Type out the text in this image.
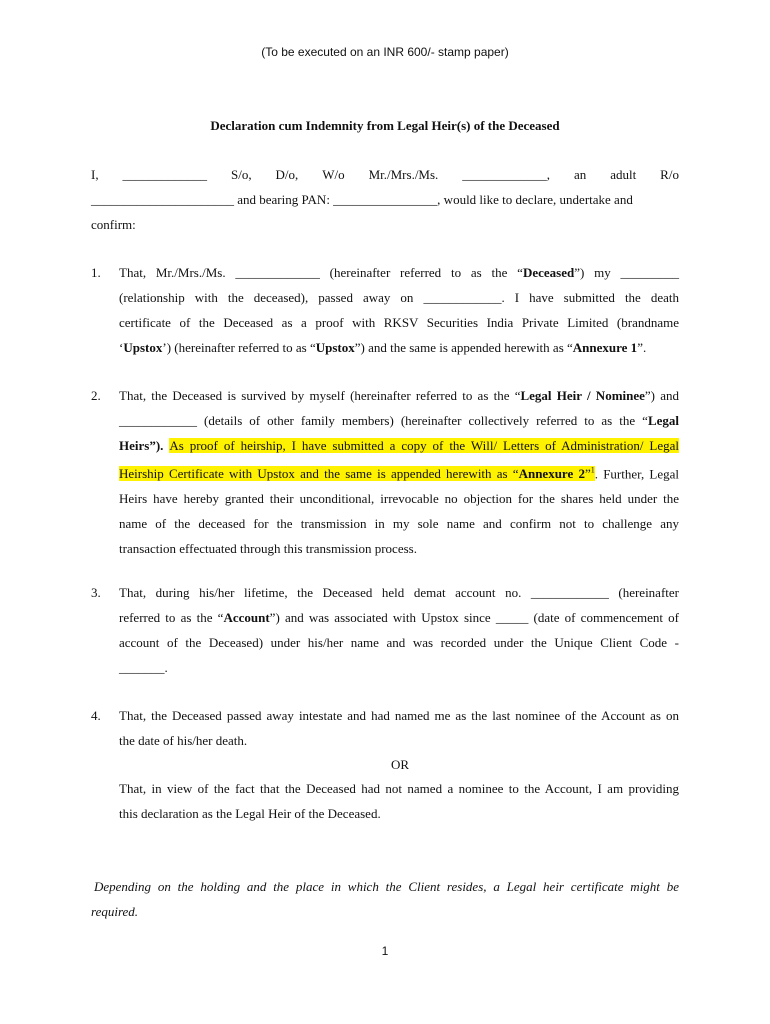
(To be executed on an INR 600/- stamp paper)
Declaration cum Indemnity from Legal Heir(s) of the Deceased
I, _____________ S/o, D/o, W/o Mr./Mrs./Ms. _____________, an adult R/o
______________________ and bearing PAN: ________________, would like to declare, undertake and
confirm:
1. That, Mr./Mrs./Ms. _____________ (hereinafter referred to as the “Deceased”) my _________
(relationship with the deceased), passed away on ____________. I have submitted the death
certificate of the Deceased as a proof with RKSV Securities India Private Limited (brandname
‘Upstox’) (hereinafter referred to as “Upstox”) and the same is appended herewith as “Annexure 1”.
2. That, the Deceased is survived by myself (hereinafter referred to as the “Legal Heir / Nominee”) and
____________ (details of other family members) (hereinafter collectively referred to as the “Legal
Heirs”). As proof of heirship, I have submitted a copy of the Will/ Letters of Administration/ Legal
Heirship Certificate with Upstox and the same is appended herewith as “Annexure 2”$^1$. Further, Legal
Heirs have hereby granted their unconditional, irrevocable no objection for the shares held under the
name of the deceased for the transmission in my sole name and confirm not to challenge any
transaction effectuated through this transmission process.
3. That, during his/her lifetime, the Deceased held demat account no. ____________ (hereinafter
referred to as the “Account”) and was associated with Upstox since _____ (date of commencement of
account of the Deceased) under his/her name and was recorded under the Unique Client Code -
_______.
4. That, the Deceased passed away intestate and had named me as the last nominee of the Account as on
the date of his/her death.
OR
That, in view of the fact that the Deceased had not named a nominee to the Account, I am providing
this declaration as the Legal Heir of the Deceased.
Depending on the holding and the place in which the Client resides, a Legal heir certificate might be
required.
1
